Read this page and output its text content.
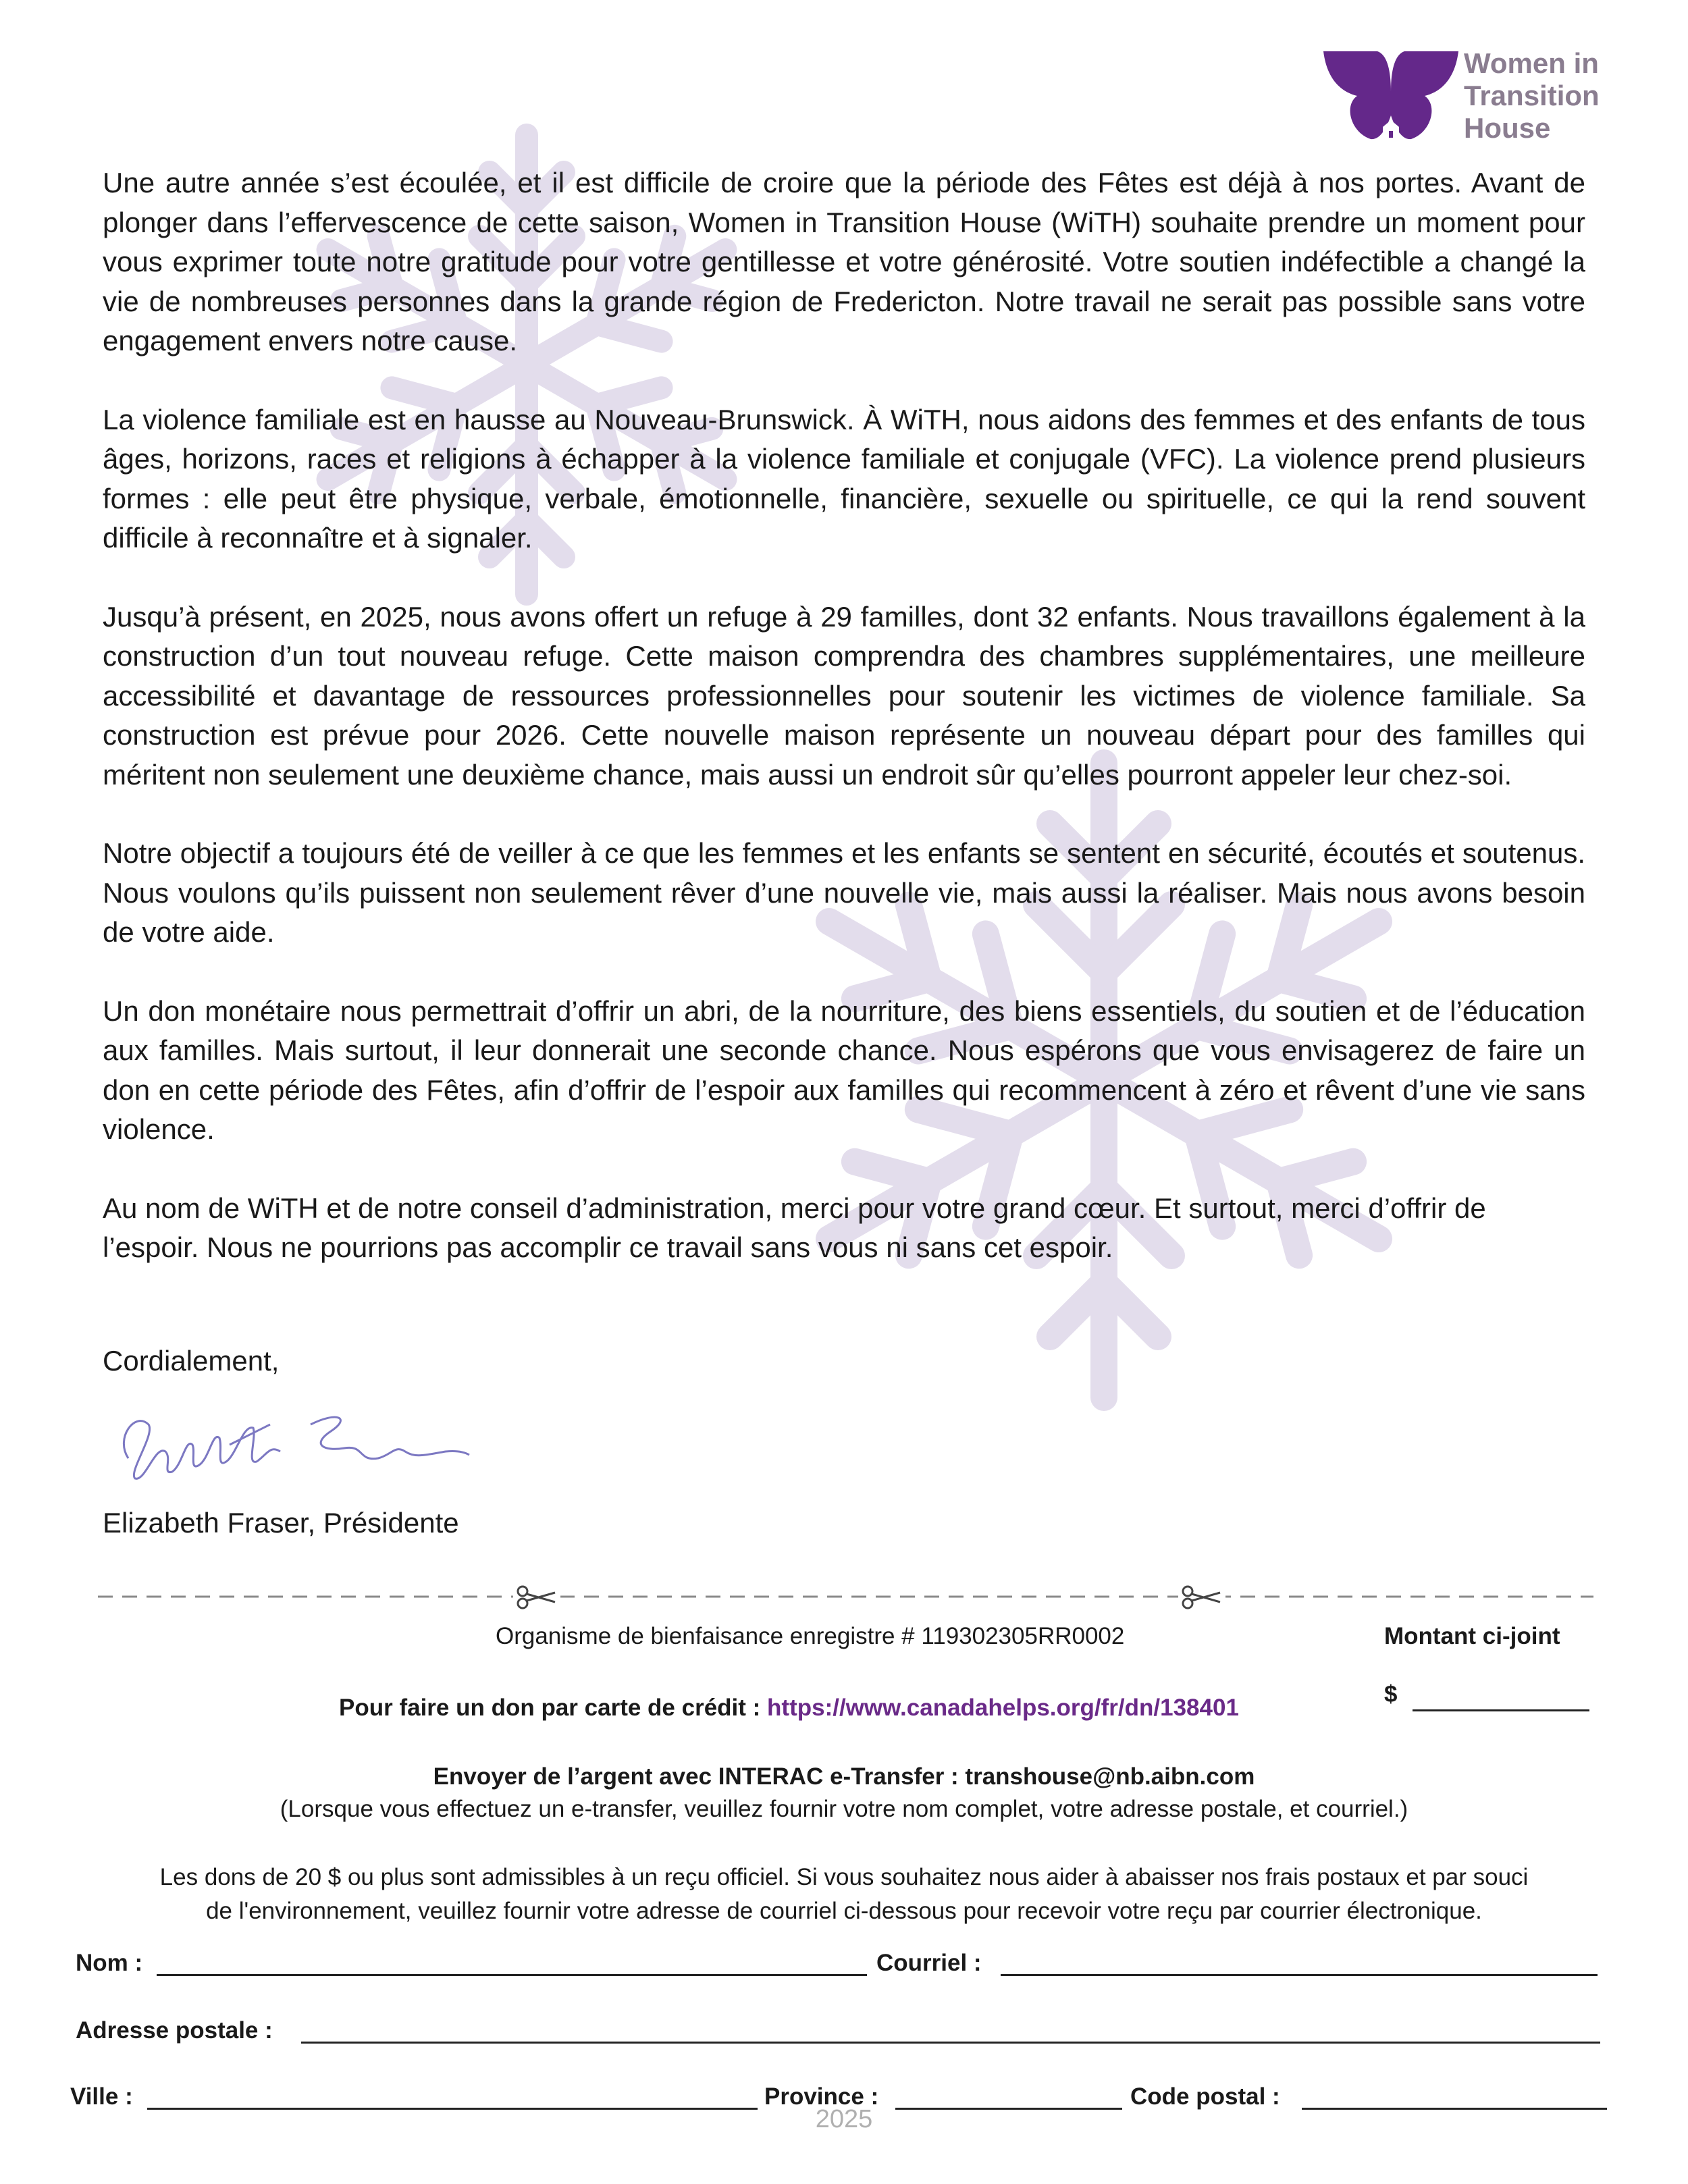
Women in
Transition
House

Une autre année s’est écoulée, et il est difficile de croire que la période des Fêtes est déjà à nos portes. Avant de plonger dans l’effervescence de cette saison, Women in Transition House (WiTH) souhaite prendre un moment pour vous exprimer toute notre gratitude pour votre gentillesse et votre générosité. Votre soutien indéfectible a changé la vie de nombreuses personnes dans la grande région de Fredericton. Notre travail ne serait pas possible sans votre engagement envers notre cause.

La violence familiale est en hausse au Nouveau-Brunswick. À WiTH, nous aidons des femmes et des enfants de tous âges, horizons, races et religions à échapper à la violence familiale et conjugale (VFC). La violence prend plusieurs formes : elle peut être physique, verbale, émotionnelle, financière, sexuelle ou spirituelle, ce qui la rend souvent difficile à reconnaître et à signaler.

Jusqu’à présent, en 2025, nous avons offert un refuge à 29 familles, dont 32 enfants. Nous travaillons également à la construction d’un tout nouveau refuge. Cette maison comprendra des chambres supplémentaires, une meilleure accessibilité et davantage de ressources professionnelles pour soutenir les victimes de violence familiale. Sa construction est prévue pour 2026. Cette nouvelle maison représente un nouveau départ pour des familles qui méritent non seulement une deuxième chance, mais aussi un endroit sûr qu’elles pourront appeler leur chez-soi.

Notre objectif a toujours été de veiller à ce que les femmes et les enfants se sentent en sécurité, écoutés et soutenus. Nous voulons qu’ils puissent non seulement rêver d’une nouvelle vie, mais aussi la réaliser. Mais nous avons besoin de votre aide.

Un don monétaire nous permettrait d’offrir un abri, de la nourriture, des biens essentiels, du soutien et de l’éducation aux familles. Mais surtout, il leur donnerait une seconde chance. Nous espérons que vous envisagerez de faire un don en cette période des Fêtes, afin d’offrir de l’espoir aux familles qui recommencent à zéro et rêvent d’une vie sans violence.

Au nom de WiTH et de notre conseil d’administration, merci pour votre grand cœur. Et surtout, merci d’offrir de l’espoir. Nous ne pourrions pas accomplir ce travail sans vous ni sans cet espoir.

Cordialement,
Elizabeth Fraser, Présidente
Organisme de bienfaisance enregistre # 119302305RR0002	Montant ci-joint
Pour faire un don par carte de crédit : https://www.canadahelps.org/fr/dn/138401
$
Envoyer de l’argent avec INTERAC e-Transfer : transhouse@nb.aibn.com
(Lorsque vous effectuez un e-transfer, veuillez fournir votre nom complet, votre adresse postale, et courriel.)
Les dons de 20 $ ou plus sont admissibles à un reçu officiel. Si vous souhaitez nous aider à abaisser nos frais postaux et par souci
de l'environnement, veuillez fournir votre adresse de courriel ci-dessous pour recevoir votre reçu par courrier électronique.
Nom :	Courriel :
Adresse postale :
Ville :	Province :	Code postal :
2025
